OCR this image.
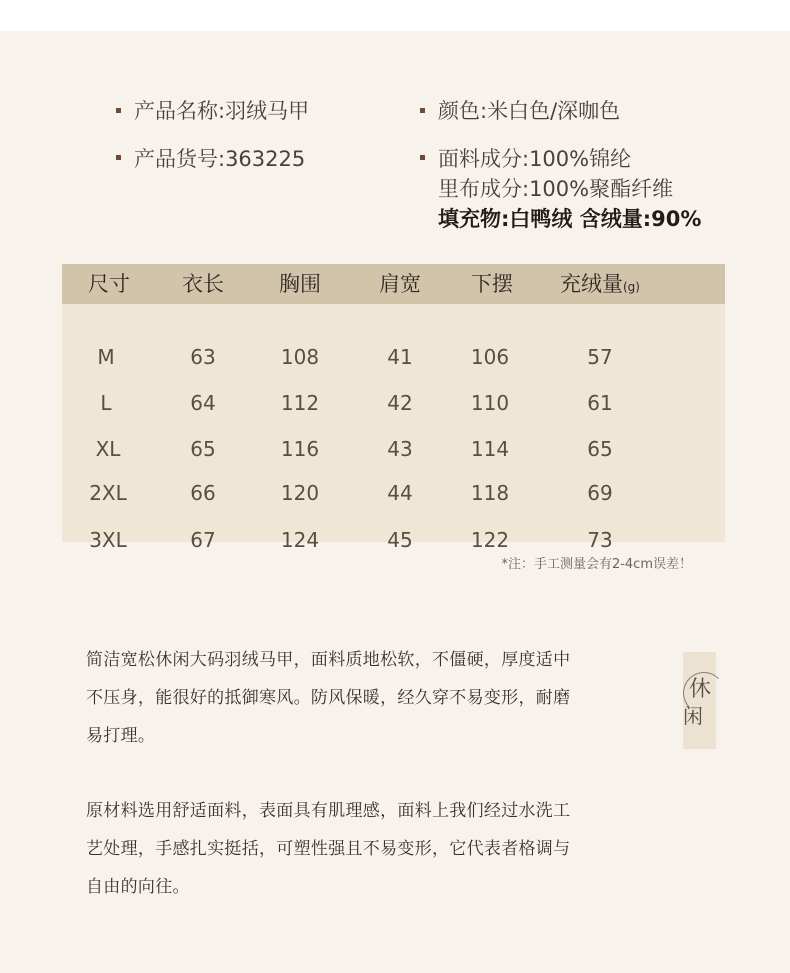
产品名称:羽绒马甲
产品货号:363225
颜色:米白色/深咖色
面料成分:100%锦纶
里布成分:100%聚酯纤维
填充物:白鸭绒 含绒量:90%
尺寸	衣长	胸围	肩宽	下摆	充绒量(g)
M	63	108	41	106	57
L	64	112	42	110	61
XL	65	116	43	114	65
2XL	66	120	44	118	69
3XL	67	124	45	122	73
*注：手工测量会有2-4cm误差！
简洁宽松休闲大码羽绒马甲，面料质地松软，不僵硬，厚度适中
不压身，能很好的抵御寒风。防风保暖，经久穿不易变形，耐磨
易打理。
原材料选用舒适面料，表面具有肌理感，面料上我们经过水洗工
艺处理，手感扎实挺括，可塑性强且不易变形，它代表者格调与
自由的向往。
休
闲
